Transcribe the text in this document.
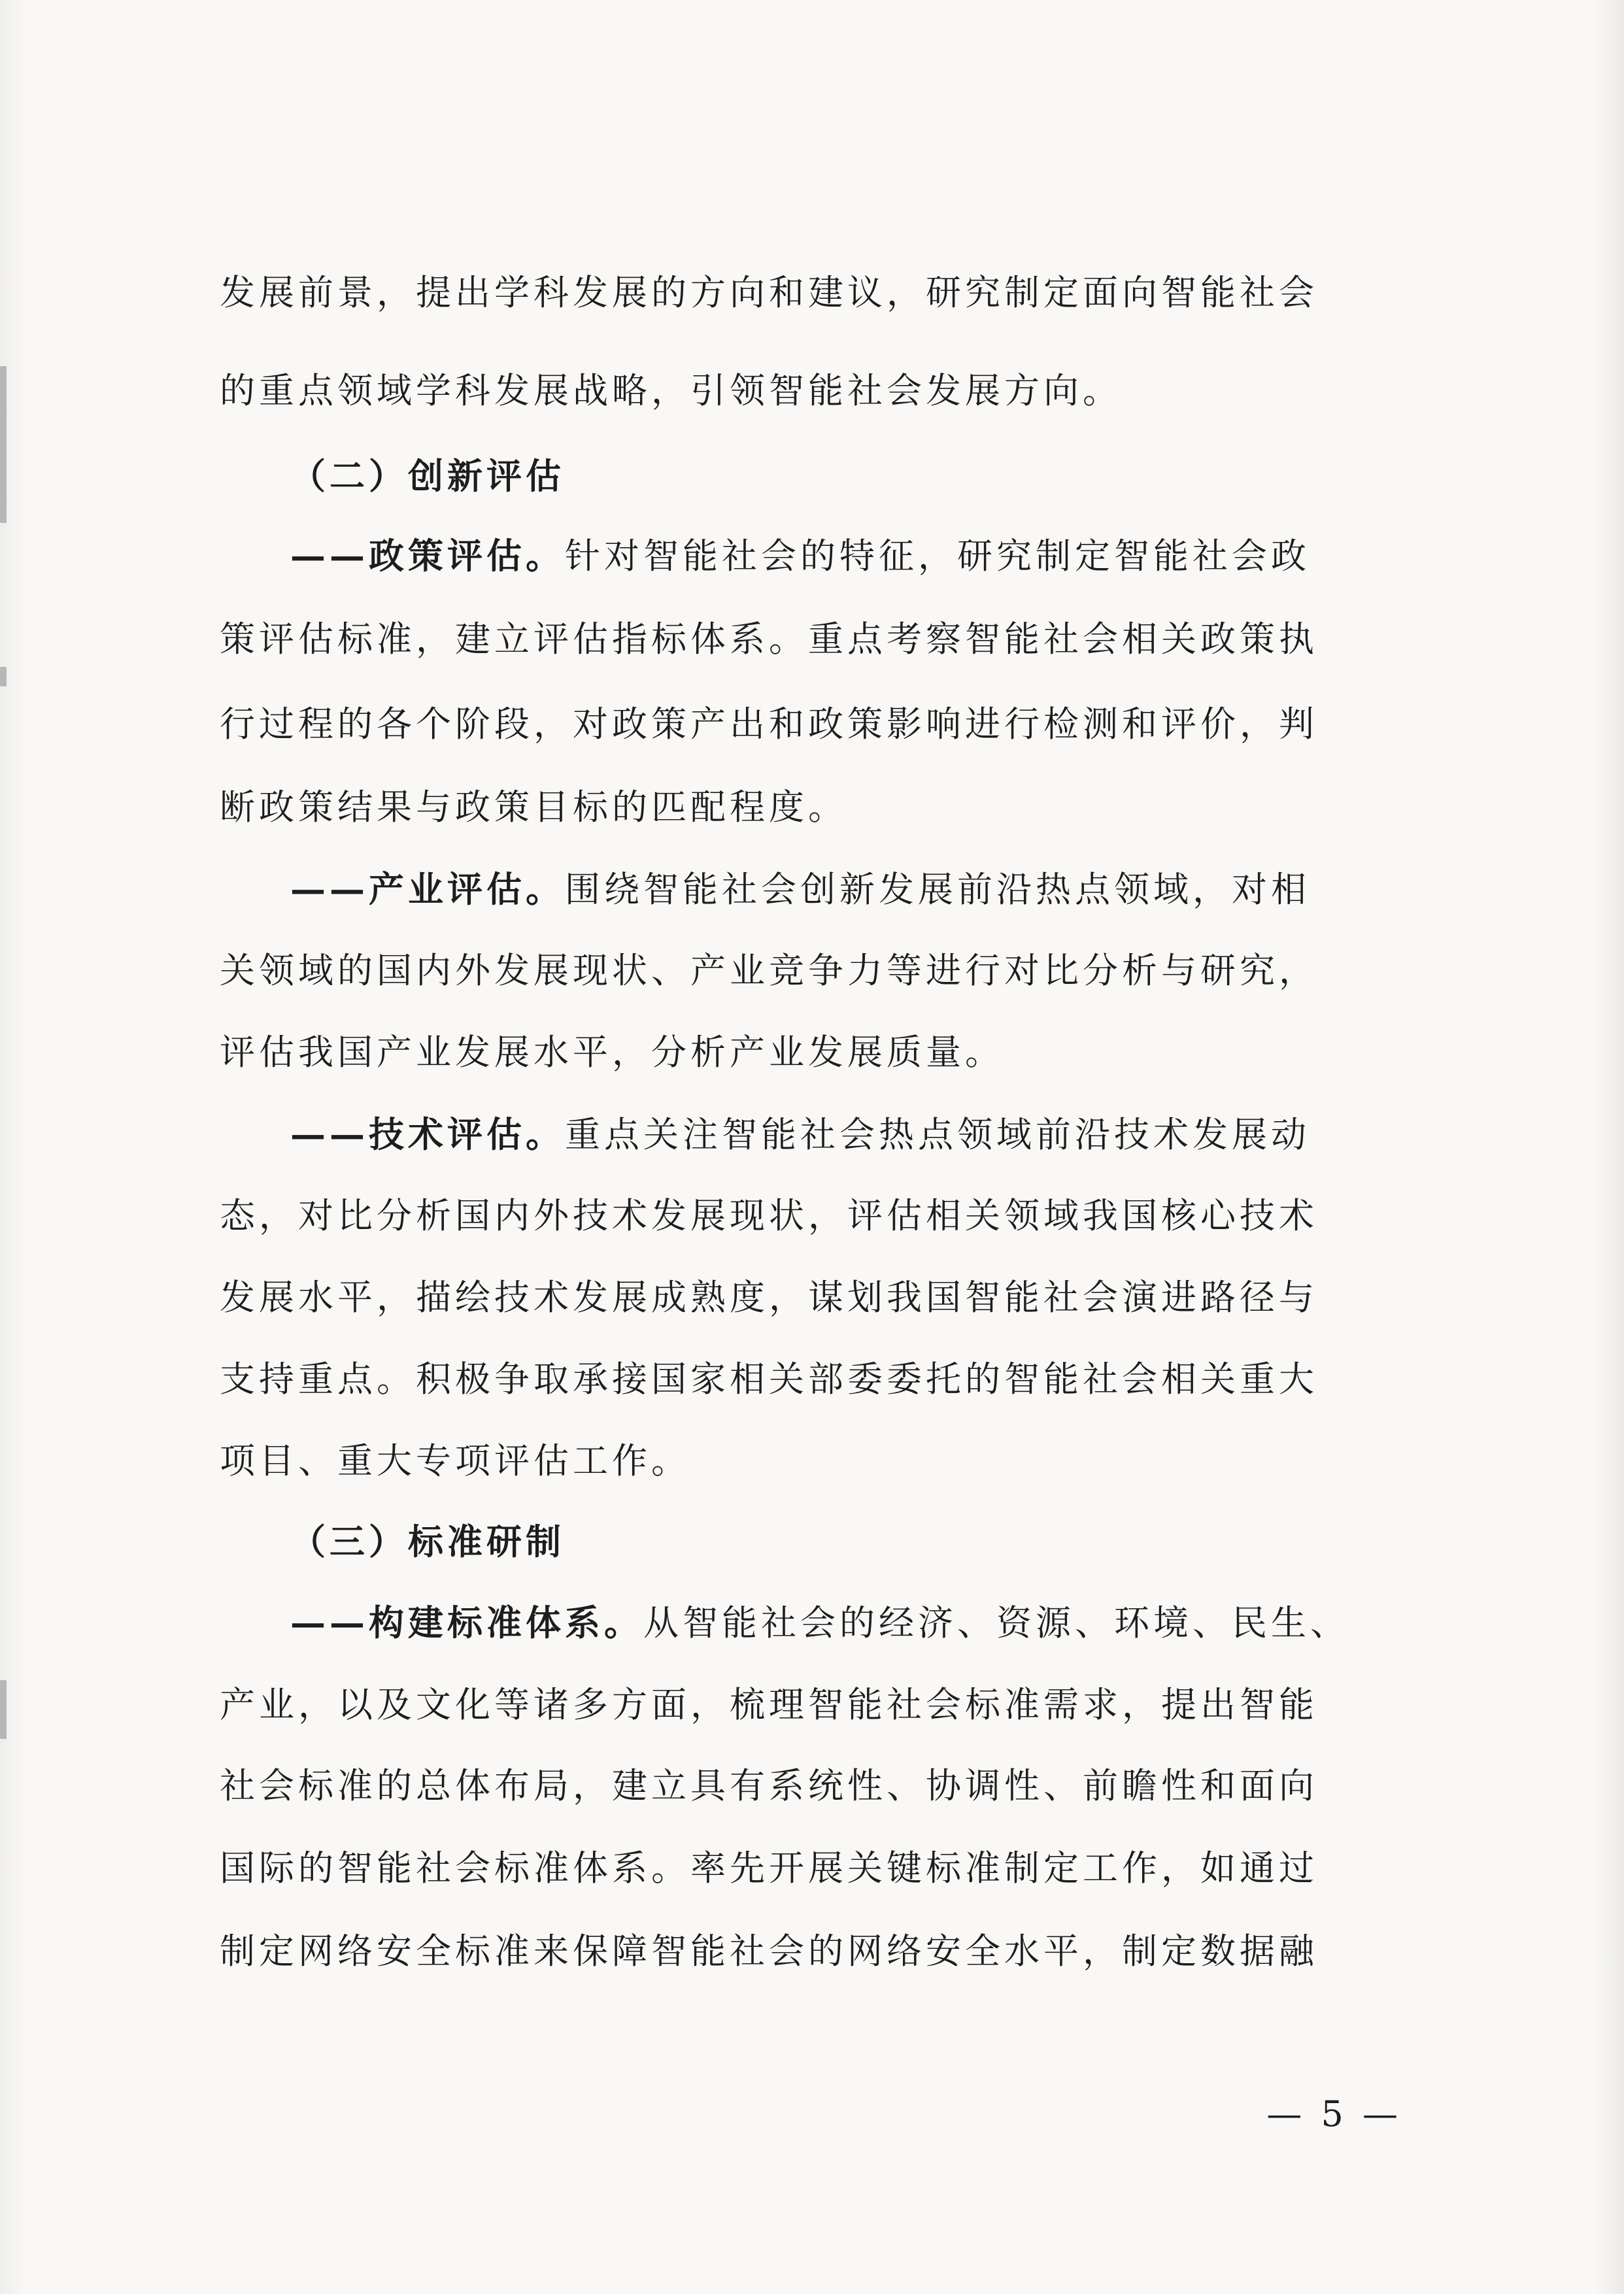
发展前景，提出学科发展的方向和建议，研究制定面向智能社会
的重点领域学科发展战略，引领智能社会发展方向。
（二）创新评估
——政策评估。针对智能社会的特征，研究制定智能社会政
策评估标准，建立评估指标体系。重点考察智能社会相关政策执
行过程的各个阶段，对政策产出和政策影响进行检测和评价，判
断政策结果与政策目标的匹配程度。
——产业评估。围绕智能社会创新发展前沿热点领域，对相
关领域的国内外发展现状、产业竞争力等进行对比分析与研究，
评估我国产业发展水平，分析产业发展质量。
——技术评估。重点关注智能社会热点领域前沿技术发展动
态，对比分析国内外技术发展现状，评估相关领域我国核心技术
发展水平，描绘技术发展成熟度，谋划我国智能社会演进路径与
支持重点。积极争取承接国家相关部委委托的智能社会相关重大
项目、重大专项评估工作。
（三）标准研制
——构建标准体系。从智能社会的经济、资源、环境、民生、
产业，以及文化等诸多方面，梳理智能社会标准需求，提出智能
社会标准的总体布局，建立具有系统性、协调性、前瞻性和面向
国际的智能社会标准体系。率先开展关键标准制定工作，如通过
制定网络安全标准来保障智能社会的网络安全水平，制定数据融
— 5 —
